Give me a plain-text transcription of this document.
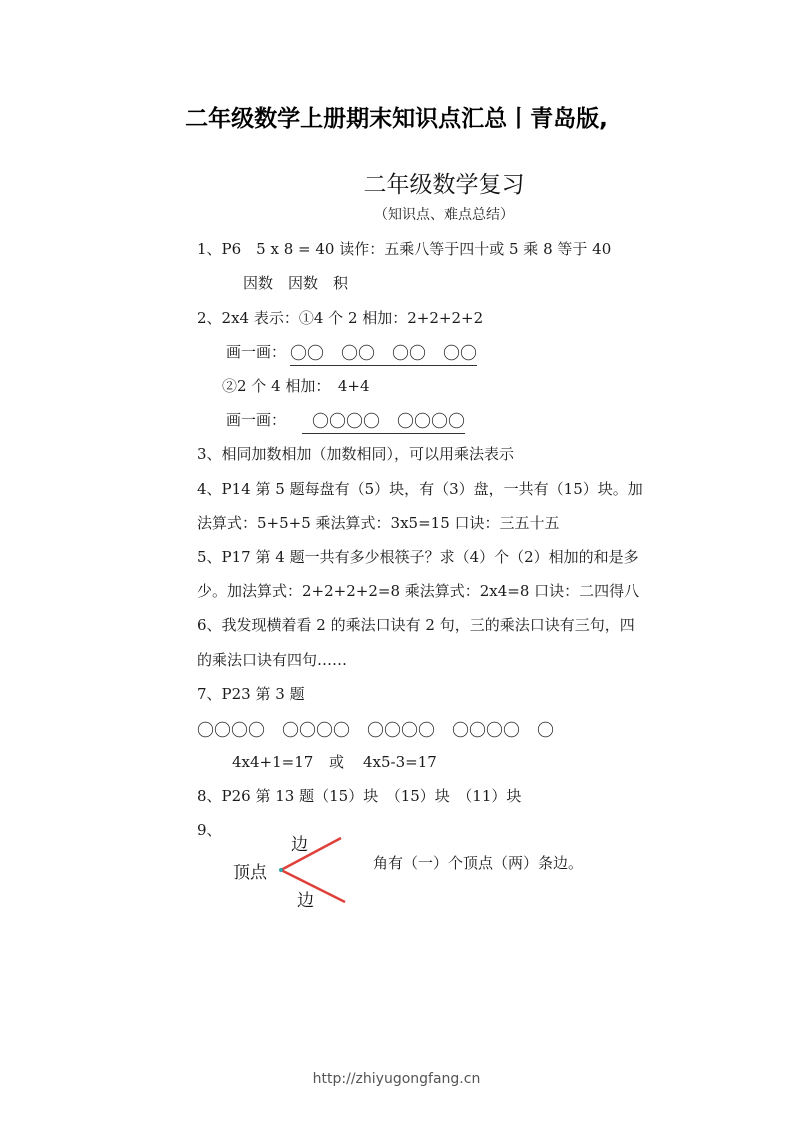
二年级数学上册期末知识点汇总丨青岛版,
二年级数学复习
（知识点、难点总结）
1、P6　5 x 8 = 40 读作：五乘八等于四十或 5 乘 8 等于 40
因数　因数　积
2、2x4 表示：①4 个 2 相加：2+2+2+2
画一画： 〇〇　〇〇　〇〇　〇〇
②2 个 4 相加：　4+4
画一画：	〇〇〇〇　〇〇〇〇
3、相同加数相加（加数相同），可以用乘法表示
4、P14 第 5 题每盘有（5）块，有（3）盘，一共有（15）块。加
法算式：5+5+5 乘法算式：3x5=15 口诀：三五十五
5、P17 第 4 题一共有多少根筷子？求（4）个（2）相加的和是多
少。加法算式：2+2+2+2=8 乘法算式：2x4=8 口诀：二四得八
6、我发现横着看 2 的乘法口诀有 2 句，三的乘法口诀有三句，四
的乘法口诀有四句……
7、P23 第 3 题
〇〇〇〇　〇〇〇〇　〇〇〇〇　〇〇〇〇　〇
4x4+1=17 或 4x5-3=17
8、P26 第 13 题（15）块　（15）块　（11）块
9、
顶点
边
边
角有（一）个顶点（两）条边。
http://zhiyugongfang.cn
